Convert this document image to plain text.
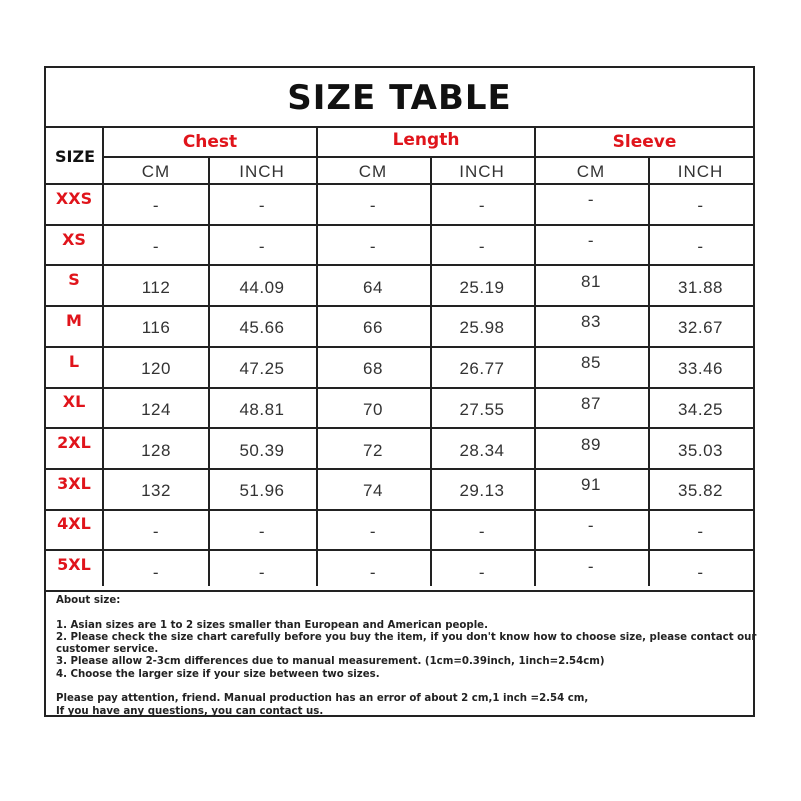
SIZE TABLE
SIZE
Chest	Length	Sleeve
CM	INCH	CM	INCH	CM	INCH
XXS	-	-	-	-	-	-
XS	-	-	-	-	-	-
S	112	44.09	64	25.19	81	31.88
M	116	45.66	66	25.98	83	32.67
L	120	47.25	68	26.77	85	33.46
XL	124	48.81	70	27.55	87	34.25
2XL	128	50.39	72	28.34	89	35.03
3XL	132	51.96	74	29.13	91	35.82
4XL	-	-	-	-	-	-
5XL	-	-	-	-	-	-
About size:
1. Asian sizes are 1 to 2 sizes smaller than European and American people.
2. Please check the size chart carefully before you buy the item, if you don't know how to choose size, please contact our
customer service.
3. Please allow 2-3cm differences due to manual measurement. (1cm=0.39inch, 1inch=2.54cm)
4. Choose the larger size if your size between two sizes.
Please pay attention, friend. Manual production has an error of about 2 cm,1 inch =2.54 cm,
If you have any questions, you can contact us.
